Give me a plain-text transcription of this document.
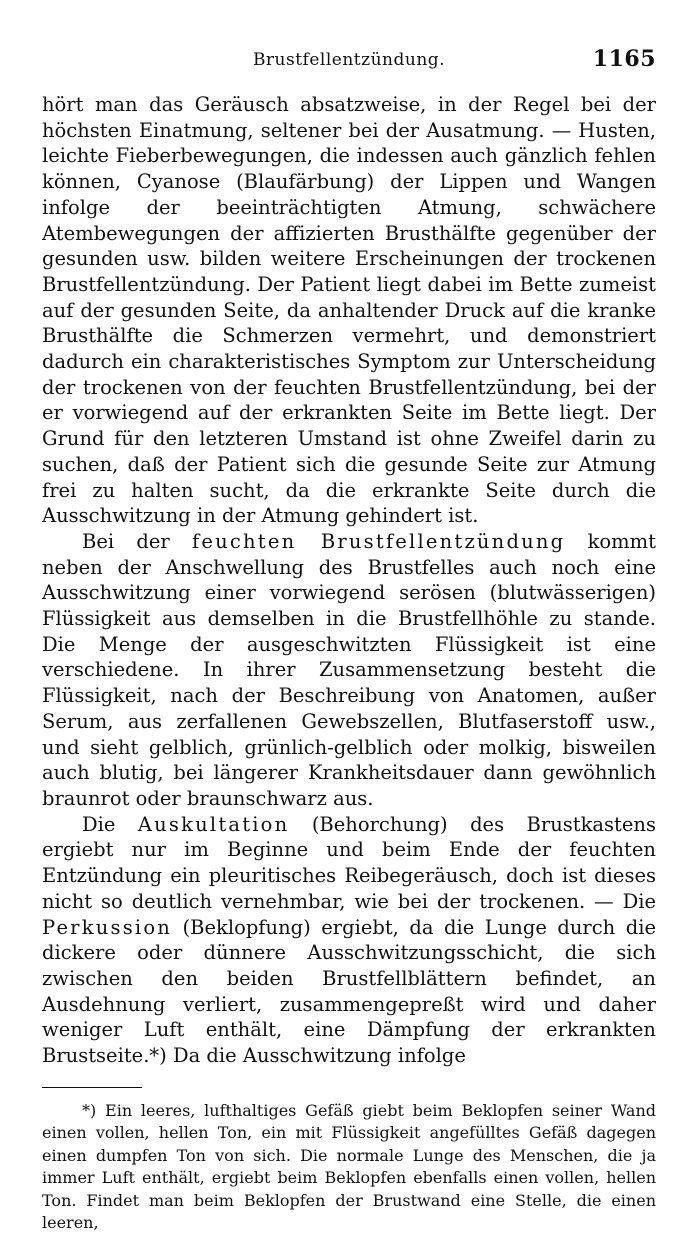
Brustfellentzündung.	1165

hört man das Geräusch absatzweise, in der Regel bei der höchsten Einatmung, seltener bei der Ausatmung. — Husten, leichte Fieberbewegungen, die indessen auch gänzlich fehlen können, Cyanose (Blaufärbung) der Lippen und Wangen infolge der beeinträchtigten Atmung, schwächere Atembewegungen der affizierten Brusthälfte gegenüber der gesunden usw. bilden weitere Erscheinungen der trockenen Brustfellentzündung. Der Patient liegt dabei im Bette zumeist auf der gesunden Seite, da anhaltender Druck auf die kranke Brusthälfte die Schmerzen vermehrt, und demonstriert dadurch ein charakteristisches Symptom zur Unterscheidung der trockenen von der feuchten Brustfellentzündung, bei der er vorwiegend auf der erkrankten Seite im Bette liegt. Der Grund für den letzteren Umstand ist ohne Zweifel darin zu suchen, daß der Patient sich die gesunde Seite zur Atmung frei zu halten sucht, da die erkrankte Seite durch die Ausschwitzung in der Atmung gehindert ist.

Bei der feuchten Brustfellentzündung kommt neben der Anschwellung des Brustfelles auch noch eine Ausschwitzung einer vorwiegend serösen (blutwässerigen) Flüssigkeit aus demselben in die Brustfellhöhle zu stande. Die Menge der ausgeschwitzten Flüssigkeit ist eine verschiedene. In ihrer Zusammensetzung besteht die Flüssigkeit, nach der Beschreibung von Anatomen, außer Serum, aus zerfallenen Gewebszellen, Blutfaserstoff usw., und sieht gelblich, grünlich-gelblich oder molkig, bisweilen auch blutig, bei längerer Krankheitsdauer dann gewöhnlich braunrot oder braunschwarz aus.

Die Auskultation (Behorchung) des Brustkastens ergiebt nur im Beginne und beim Ende der feuchten Entzündung ein pleuritisches Reibegeräusch, doch ist dieses nicht so deutlich vernehmbar, wie bei der trockenen. — Die Perkussion (Beklopfung) ergiebt, da die Lunge durch die dickere oder dünnere Ausschwitzungsschicht, die sich zwischen den beiden Brustfellblättern befindet, an Ausdehnung verliert, zusammengepreßt wird und daher weniger Luft enthält, eine Dämpfung der erkrankten Brustseite.*) Da die Ausschwitzung infolge

*) Ein leeres, lufthaltiges Gefäß giebt beim Beklopfen seiner Wand einen vollen, hellen Ton, ein mit Flüssigkeit angefülltes Gefäß dagegen einen dumpfen Ton von sich. Die normale Lunge des Menschen, die ja immer Luft enthält, ergiebt beim Beklopfen ebenfalls einen vollen, hellen Ton. Findet man beim Beklopfen der Brustwand eine Stelle, die einen leeren,
